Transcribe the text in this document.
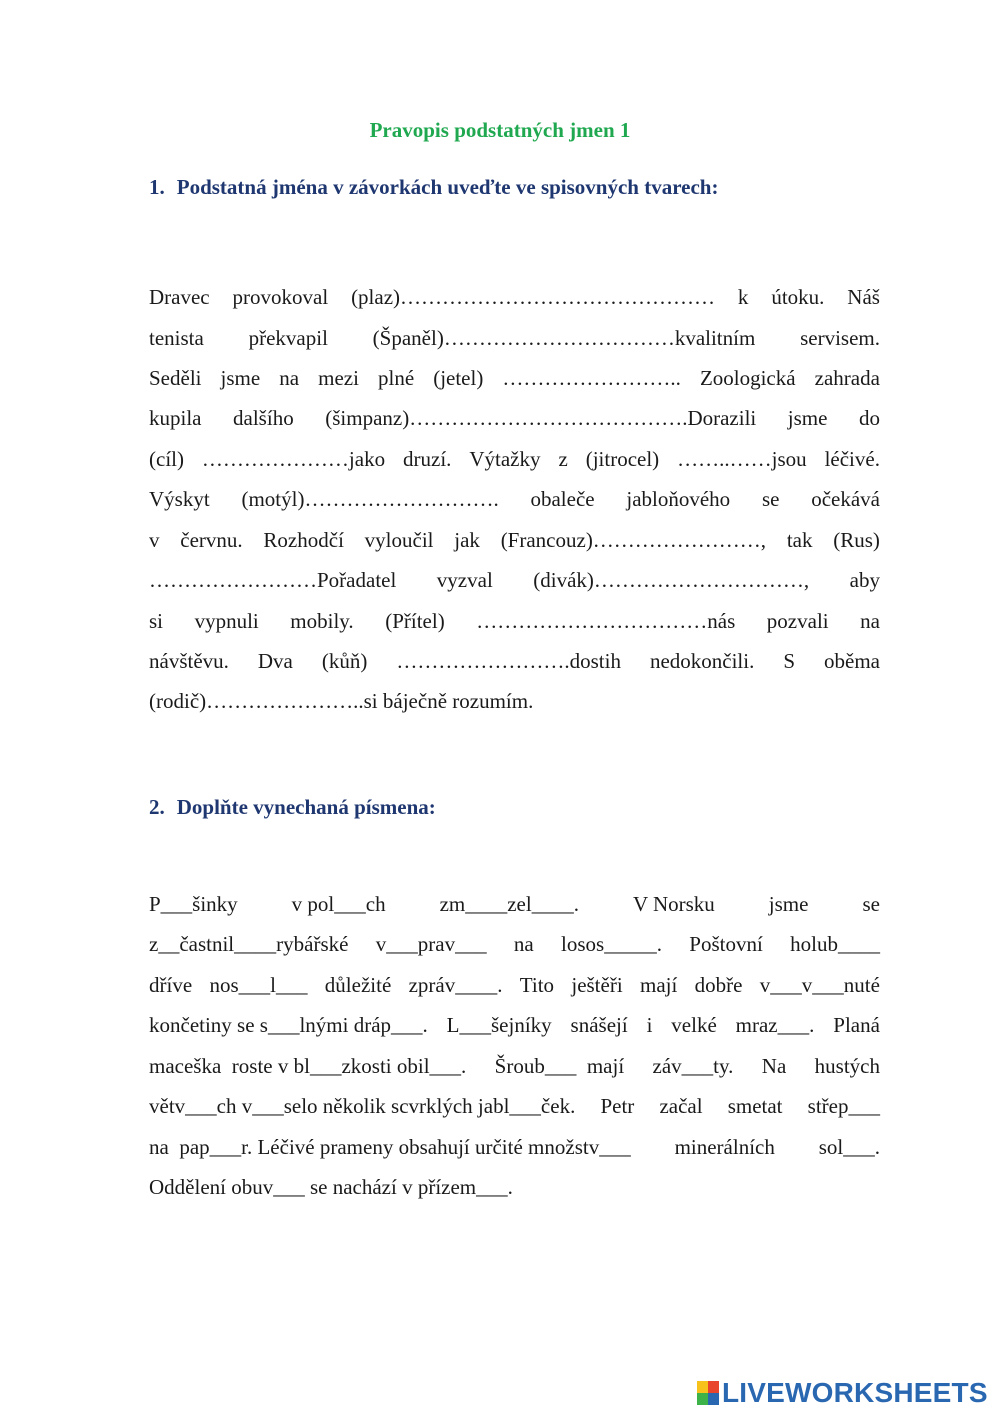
Pravopis podstatných jmen 1
1. Podstatná jména v závorkách uveďte ve spisovných tvarech:
Dravec provokoval (plaz)……………………………………… k útoku. Náš
tenista překvapil (Španěl)……………………………kvalitním servisem.
Seděli jsme na mezi plné (jetel) …………………….. Zoologická zahrada
kupila dalšího (šimpanz)………………………………….Dorazili jsme do
(cíl) …………………jako druzí. Výtažky z (jitrocel) ……..……jsou léčivé.
Výskyt (motýl)………………………. obaleče jabloňového se očekává
v červnu. Rozhodčí vyloučil jak (Francouz)……………………, tak (Rus)
……………………Pořadatel vyzval (divák)…………………………, aby
si vypnuli mobily. (Přítel) ……………………………nás pozvali na
návštěvu. Dva (kůň) …………………….dostih nedokončili. S oběma
(rodič)…………………..si báječně rozumím.
2. Doplňte vynechaná písmena:
P___šinky	v pol___ch	zm____zel____.	V Norsku	jsme	se
z__častnil____rybářské v___prav___ na losos_____. Poštovní holub____
dříve nos___l___ důležité zpráv____. Tito ještěři mají dobře v___v___nuté
končetiny se s___lnými dráp___. L___šejníky snášejí i velké mraz___. Planá
maceška  roste v bl___zkosti obil___. Šroub___  mají záv___ty. Na hustých
větv___ch v___selo několik scvrklých jabl___ček. Petr začal smetat střep___
na  pap___r. Léčivé prameny obsahují určité množstv___ minerálních sol___.
Oddělení obuv___ se nachází v přízem___.
LIVEWORKSHEETS
